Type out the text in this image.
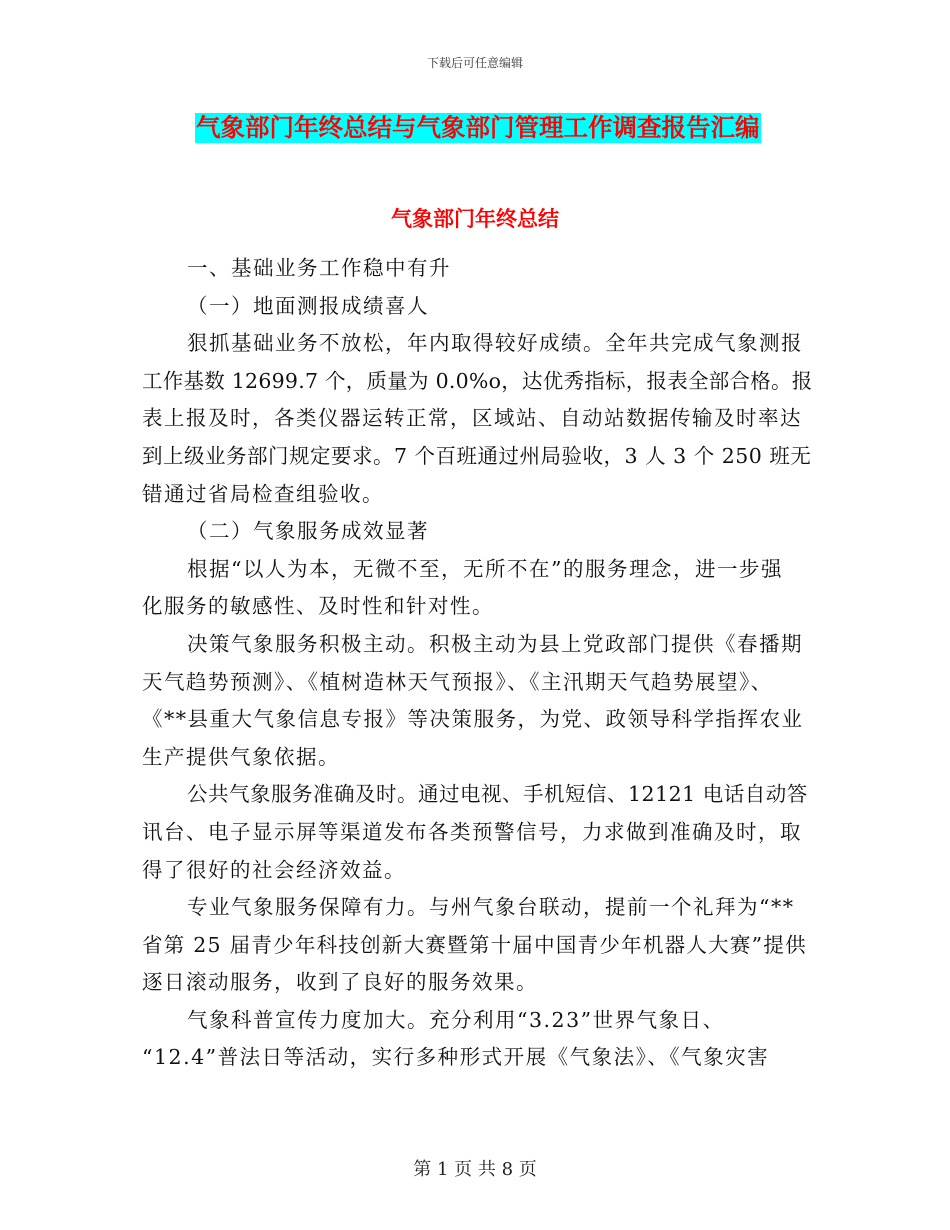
下载后可任意编辑
气象部门年终总结与气象部门管理工作调查报告汇编
气象部门年终总结
一、基础业务工作稳中有升
（一）地面测报成绩喜人
狠抓基础业务不放松，年内取得较好成绩。全年共完成气象测报
工作基数 12699.7 个，质量为 0.0%o，达优秀指标，报表全部合格。报
表上报及时，各类仪器运转正常，区域站、自动站数据传输及时率达
到上级业务部门规定要求。7 个百班通过州局验收，3 人 3 个 250 班无
错通过省局检查组验收。
（二）气象服务成效显著
根据“以人为本，无微不至，无所不在”的服务理念，进一步强
化服务的敏感性、及时性和针对性。
决策气象服务积极主动。积极主动为县上党政部门提供《春播期
天气趋势预测》、《植树造林天气预报》、《主汛期天气趋势展望》、
《**县重大气象信息专报》等决策服务，为党、政领导科学指挥农业
生产提供气象依据。
公共气象服务准确及时。通过电视、手机短信、12121 电话自动答
讯台、电子显示屏等渠道发布各类预警信号，力求做到准确及时，取
得了很好的社会经济效益。
专业气象服务保障有力。与州气象台联动，提前一个礼拜为“**
省第 25 届青少年科技创新大赛暨第十届中国青少年机器人大赛”提供
逐日滚动服务，收到了良好的服务效果。
气象科普宣传力度加大。充分利用“3.23”世界气象日、
“12.4”普法日等活动，实行多种形式开展《气象法》、《气象灾害
第 1 页 共 8 页
